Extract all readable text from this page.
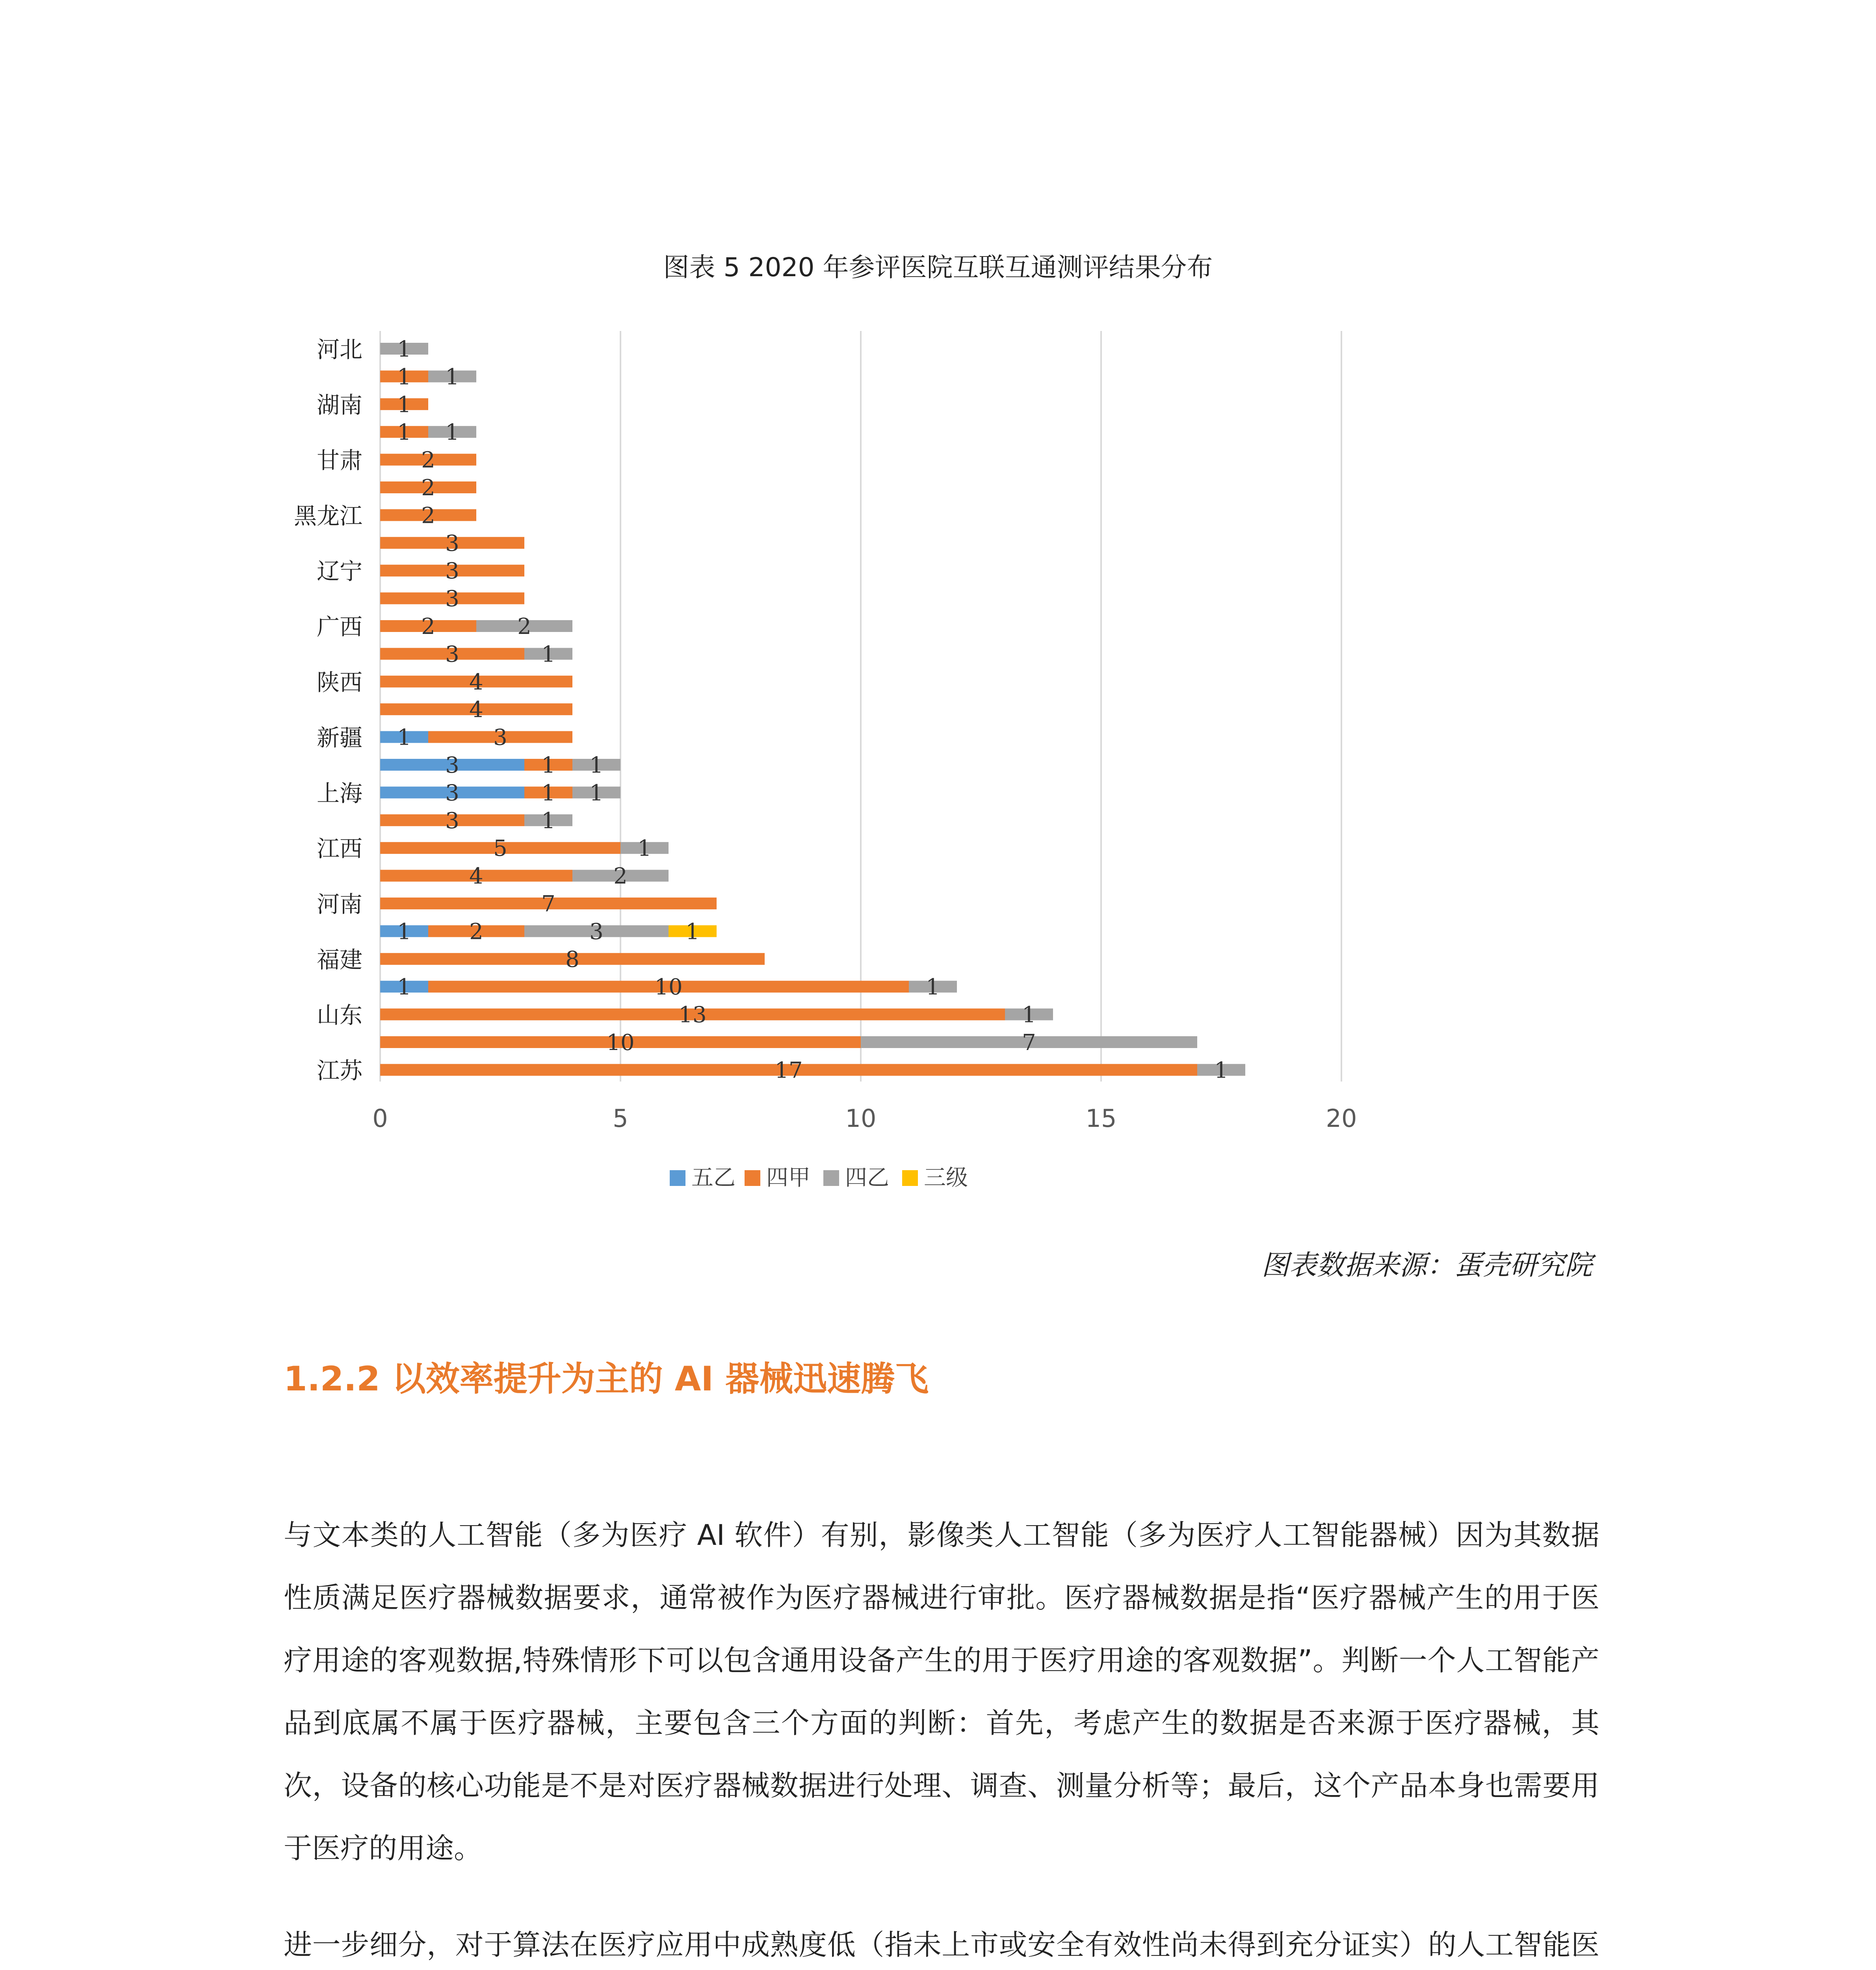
图表 5 2020 年参评医院互联互通测评结果分布
0	5	10	15	20
江苏
山东
福建
河南
江西
上海
新疆
陕西
广西
辽宁
黑龙江
甘肃
湖南
河北
17	1
10	7
13	1
1	10	1
8
1	2	3	1
7
4	2
5	1
3	1
3	1 1
3	1 1
1	3
4
4
3	1
2	2
3
3
3
2
2
2
1 1
1
1 1
1
五乙 四甲 四乙 三级
图表数据来源：蛋壳研究院
1.2.2 以效率提升为主的 AI 器械迅速腾飞

与文本类的人工智能（多为医疗 AI 软件）有别，影像类人工智能（多为医疗人工智能器械）因为其数据性质满足医疗器械数据要求，通常被作为医疗器械进行审批。医疗器械数据是指“医疗器械产生的用于医疗用途的客观数据,特殊情形下可以包含通用设备产生的用于医疗用途的客观数据”。判断一个人工智能产品到底属不属于医疗器械，主要包含三个方面的判断：首先，考虑产生的数据是否来源于医疗器械，其次，设备的核心功能是不是对医疗器械数据进行处理、调查、测量分析等；最后，这个产品本身也需要用于医疗的用途。

进一步细分，对于算法在医疗应用中成熟度低（指未上市或安全有效性尚未得到充分证实）的人工智能医
